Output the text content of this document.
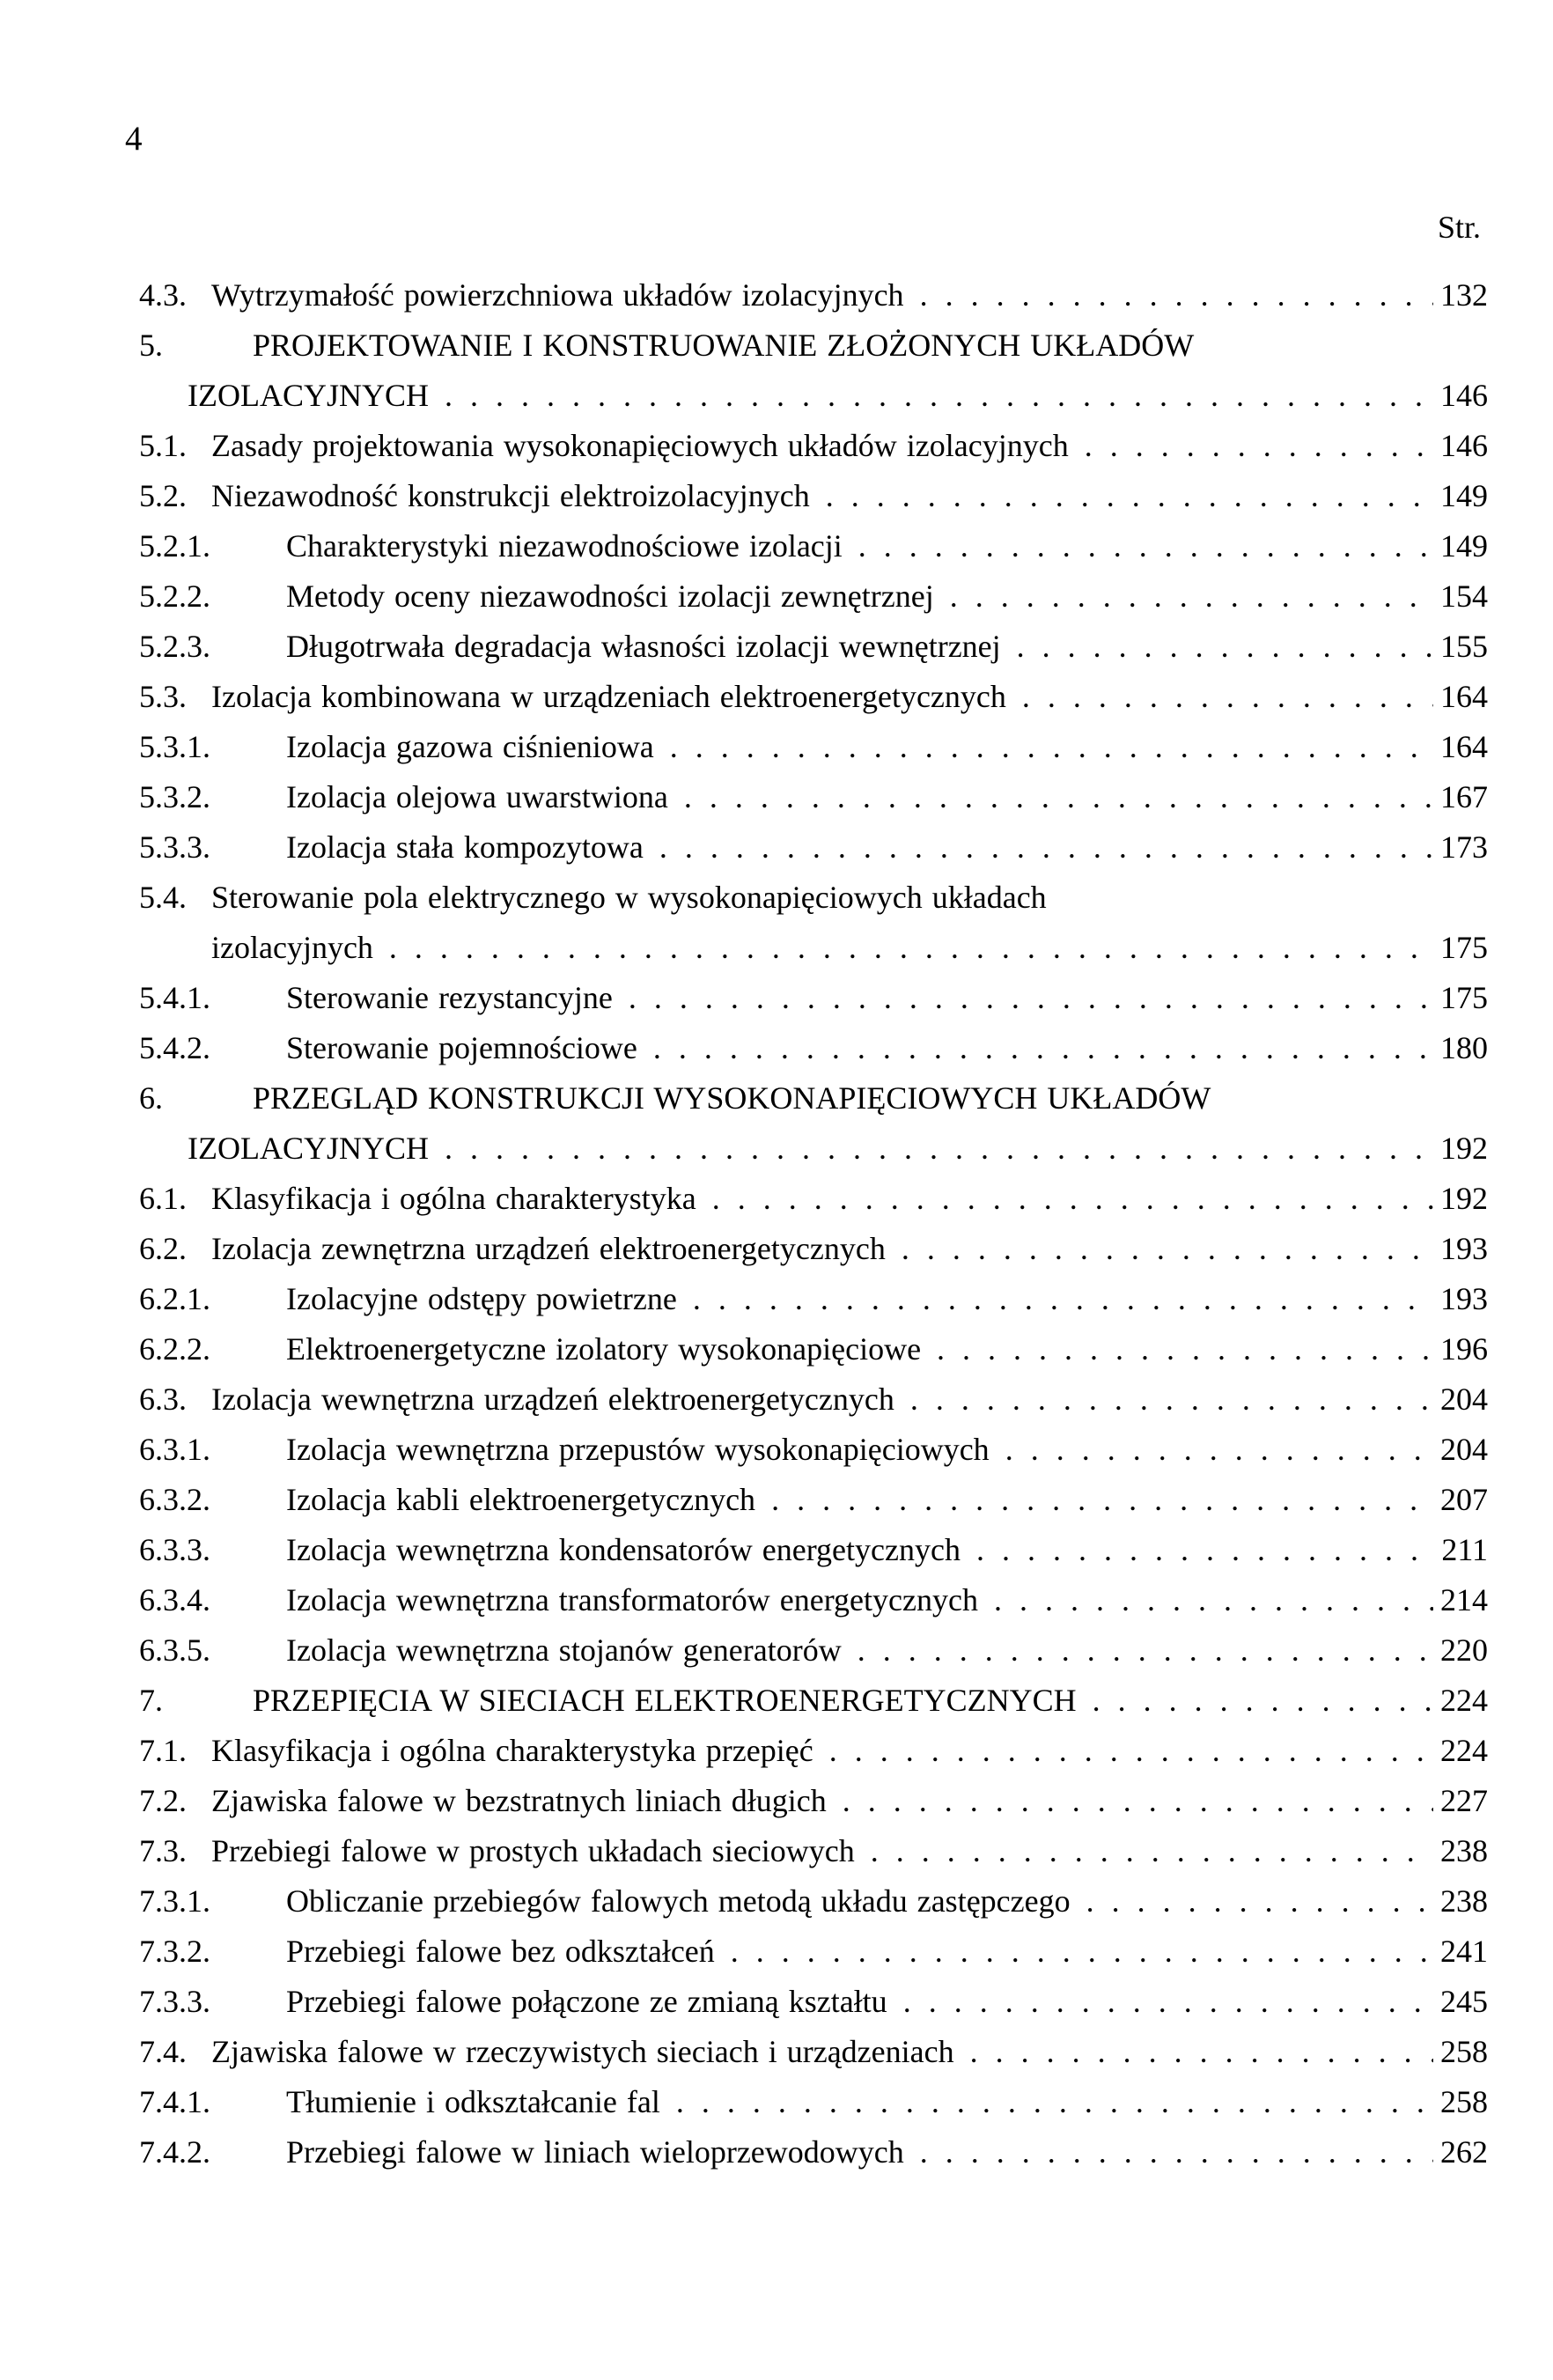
4
Str.
4.3. Wytrzymałość powierzchniowa układów izolacyjnych .....	132
5.	PROJEKTOWANIE I KONSTRUOWANIE ZŁOŻONYCH UKŁADÓW
IZOLACYJNYCH .....	146
5.1. Zasady projektowania wysokonapięciowych układów izolacyjnych .....	146
5.2. Niezawodność konstrukcji elektroizolacyjnych .....	149
5.2.1.	Charakterystyki niezawodnościowe izolacji .....	149
5.2.2.	Metody oceny niezawodności izolacji zewnętrznej .....	154
5.2.3.	Długotrwała degradacja własności izolacji wewnętrznej .....	155
5.3. Izolacja kombinowana w urządzeniach elektroenergetycznych .....	164
5.3.1.	Izolacja gazowa ciśnieniowa .....	164
5.3.2.	Izolacja olejowa uwarstwiona .....	167
5.3.3.	Izolacja stała kompozytowa .....	173
5.4. Sterowanie pola elektrycznego w wysokonapięciowych układach
izolacyjnych .....	175
5.4.1.	Sterowanie rezystancyjne .....	175
5.4.2.	Sterowanie pojemnościowe .....	180
6.	PRZEGLĄD KONSTRUKCJI WYSOKONAPIĘCIOWYCH UKŁADÓW
IZOLACYJNYCH .....	192
6.1. Klasyfikacja i ogólna charakterystyka .....	192
6.2. Izolacja zewnętrzna urządzeń elektroenergetycznych .....	193
6.2.1.	Izolacyjne odstępy powietrzne .....	193
6.2.2.	Elektroenergetyczne izolatory wysokonapięciowe .....	196
6.3. Izolacja wewnętrzna urządzeń elektroenergetycznych .....	204
6.3.1.	Izolacja wewnętrzna przepustów wysokonapięciowych .....	204
6.3.2.	Izolacja kabli elektroenergetycznych .....	207
6.3.3.	Izolacja wewnętrzna kondensatorów energetycznych .....	211
6.3.4.	Izolacja wewnętrzna transformatorów energetycznych .....	214
6.3.5.	Izolacja wewnętrzna stojanów generatorów .....	220
7.	PRZEPIĘCIA W SIECIACH ELEKTROENERGETYCZNYCH .....	224
7.1. Klasyfikacja i ogólna charakterystyka przepięć .....	224
7.2. Zjawiska falowe w bezstratnych liniach długich .....	227
7.3. Przebiegi falowe w prostych układach sieciowych .....	238
7.3.1.	Obliczanie przebiegów falowych metodą układu zastępczego .....	238
7.3.2.	Przebiegi falowe bez odkształceń .....	241
7.3.3.	Przebiegi falowe połączone ze zmianą kształtu .....	245
7.4. Zjawiska falowe w rzeczywistych sieciach i urządzeniach .....	258
7.4.1.	Tłumienie i odkształcanie fal .....	258
7.4.2.	Przebiegi falowe w liniach wieloprzewodowych .....	262
